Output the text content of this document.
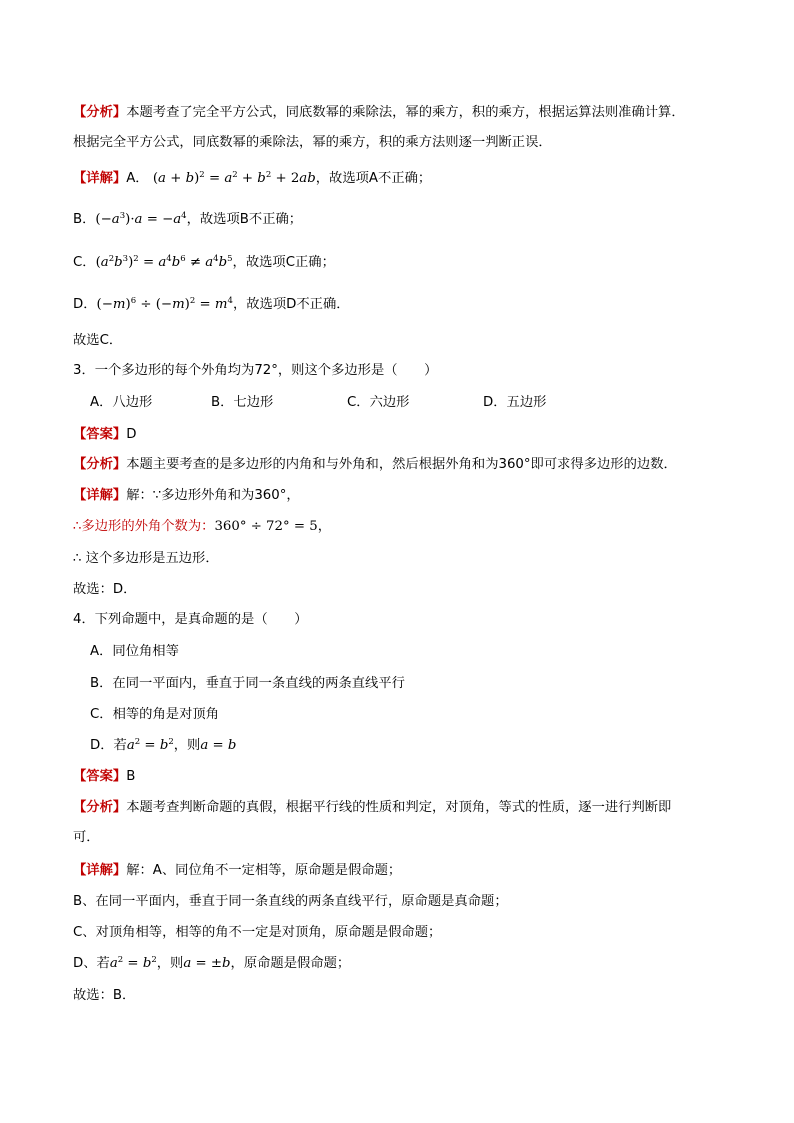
【分析】本题考查了完全平方公式，同底数幂的乘除法，幂的乘方，积的乘方，根据运算法则准确计算．
根据完全平方公式，同底数幂的乘除法，幂的乘方，积的乘方法则逐一判断正误．
【详解】A． $(a + b)^2 = a^2 + b^2 + 2ab$，故选项A不正确；
B．$(-a^3)\cdot a = -a^4$，故选项B不正确；
C．$(a^2b^3)^2 = a^4b^6 \ne a^4b^5$，故选项C正确；
D．$(-m)^6 \div (-m)^2 = m^4$，故选项D不正确．
故选C．
3．一个多边形的每个外角均为72°，则这个多边形是（　　）
A．八边形	B．七边形	C．六边形	D．五边形
【答案】D
【分析】本题主要考查的是多边形的内角和与外角和，然后根据外角和为360°即可求得多边形的边数．
【详解】解：∵多边形外角和为360°，
∴多边形的外角个数为：360° ÷ 72° = 5，
∴ 这个多边形是五边形．
故选：D．
4．下列命题中，是真命题的是（　　）
A．同位角相等
B．在同一平面内，垂直于同一条直线的两条直线平行
C．相等的角是对顶角
D．若$a^2 = b^2$，则a = b
【答案】B
【分析】本题考查判断命题的真假，根据平行线的性质和判定，对顶角，等式的性质，逐一进行判断即
可．
【详解】解：A、同位角不一定相等，原命题是假命题；
B、在同一平面内，垂直于同一条直线的两条直线平行，原命题是真命题；
C、对顶角相等，相等的角不一定是对顶角，原命题是假命题；
D、若$a^2 = b^2$，则a = ±b，原命题是假命题；
故选：B．
